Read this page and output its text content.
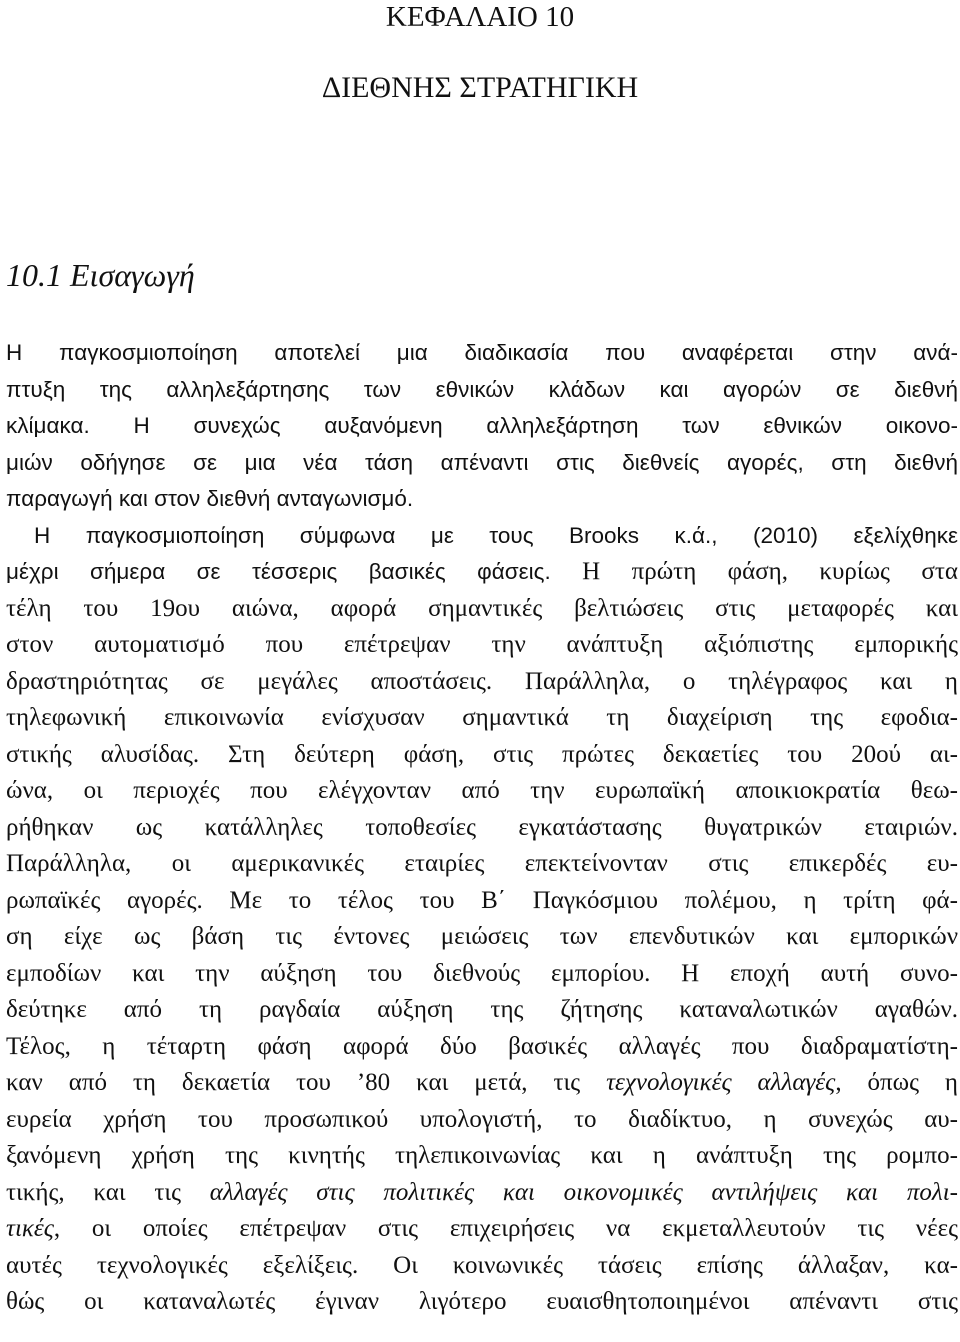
ΚΕΦΑΛΑΙΟ 10
ΔΙΕΘΝΗΣ ΣΤΡΑΤΗΓΙΚΗ
10.1 Εισαγωγή
Η παγκοσμιοποίηση αποτελεί μια διαδικασία που αναφέρεται στην ανά-
πτυξη της αλληλεξάρτησης των εθνικών κλάδων και αγορών σε διεθνή
κλίμακα. Η συνεχώς αυξανόμενη αλληλεξάρτηση των εθνικών οικονο-
μιών οδήγησε σε μια νέα τάση απέναντι στις διεθνείς αγορές, στη διεθνή
παραγωγή και στον διεθνή ανταγωνισμό.
Η παγκοσμιοποίηση σύμφωνα με τους Brooks κ.ά., (2010) εξελίχθηκε
μέχρι σήμερα σε τέσσερις βασικές φάσεις. Η πρώτη φάση, κυρίως στα
τέλη του 19ου αιώνα, αφορά σημαντικές βελτιώσεις στις μεταφορές και
στον αυτοματισμό που επέτρεψαν την ανάπτυξη αξιόπιστης εμπορικής
δραστηριότητας σε μεγάλες αποστάσεις. Παράλληλα, ο τηλέγραφος και η
τηλεφωνική επικοινωνία ενίσχυσαν σημαντικά τη διαχείριση της εφοδια-
στικής αλυσίδας. Στη δεύτερη φάση, στις πρώτες δεκαετίες του 20ού αι-
ώνα, οι περιοχές που ελέγχονταν από την ευρωπαϊκή αποικιοκρατία θεω-
ρήθηκαν ως κατάλληλες τοποθεσίες εγκατάστασης θυγατρικών εταιριών.
Παράλληλα, οι αμερικανικές εταιρίες επεκτείνονταν στις επικερδές ευ-
ρωπαϊκές αγορές. Με το τέλος του Β΄ Παγκόσμιου πολέμου, η τρίτη φά-
ση είχε ως βάση τις έντονες μειώσεις των επενδυτικών και εμπορικών
εμποδίων και την αύξηση του διεθνούς εμπορίου. Η εποχή αυτή συνο-
δεύτηκε από τη ραγδαία αύξηση της ζήτησης καταναλωτικών αγαθών.
Τέλος, η τέταρτη φάση αφορά δύο βασικές αλλαγές που διαδραματίστη-
καν από τη δεκαετία του ’80 και μετά, τις τεχνολογικές αλλαγές, όπως η
ευρεία χρήση του προσωπικού υπολογιστή, το διαδίκτυο, η συνεχώς αυ-
ξανόμενη χρήση της κινητής τηλεπικοινωνίας και η ανάπτυξη της ρομπο-
τικής, και τις αλλαγές στις πολιτικές και οικονομικές αντιλήψεις και πολι-
τικές, οι οποίες επέτρεψαν στις επιχειρήσεις να εκμεταλλευτούν τις νέες
αυτές τεχνολογικές εξελίξεις. Οι κοινωνικές τάσεις επίσης άλλαξαν, κα-
θώς οι καταναλωτές έγιναν λιγότερο ευαισθητοποιημένοι απέναντι στις
